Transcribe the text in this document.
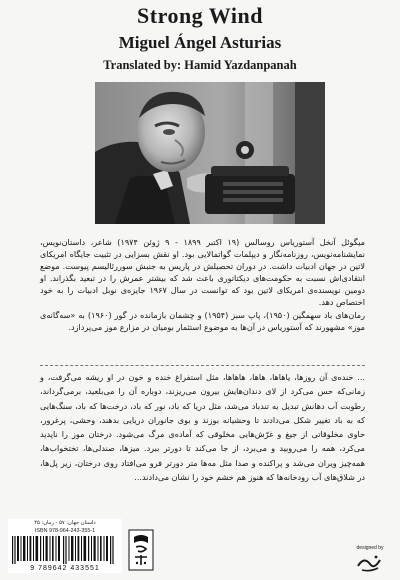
Strong Wind
Miguel Ángel Asturias
Translated by: Hamid Yazdanpanah

میگوئل آنخل آستوریاس روسالس (۱۹ اکتبر ۱۸۹۹ - ۹ ژوئن ۱۹۷۴) شاعر، داستان‌نویس، نمایشنامه‌نویس، روزنامه‌نگار و دیپلمات گواتمالایی بود. او نقش بسزایی در تثبیت جایگاه امریکای لاتین در جهان ادبیات داشت. در دوران تحصیلش در پاریس به جنبش سوررئالیسم پیوست. موضع انتقادی‌اش نسبت به حکومت‌های دیکتاتوری باعث شد که بیشتر عمرش را در تبعید بگذراند. او دومین نویسنده‌ی امریکای لاتین بود که توانست در سال ۱۹۶۷ جایزه‌ی نوبل ادبیات را به خود اختصاص دهد.

رمان‌های باد سهمگین (۱۹۵۰)، پاپ سبز (۱۹۵۴) و چشمان بازمانده در گور (۱۹۶۰) به «سه‌گانه‌ی موز» مشهورند که آستوریاس در آن‌ها به موضوع استثمار بومیان در مزارع موز می‌پردازد.

... خنده‌ی آن روزها، یاهاها، هاها، هاهاها، مثل استفراغ خنده و خون در او ریشه می‌گرفت، و زمانی‌که حس می‌کرد از لای دندان‌هایش بیرون می‌ریزند، دوباره آن را می‌بلعید، برمی‌گرداند، رطوبت آب دهانش تبدیل به تندباد می‌شد، مثل دریا که باد، نور که باد، درخت‌ها که باد، سنگ‌هایی که به باد تغییر شکل می‌دادند تا وحشیانه بوزند و بوی جانوران دریایی بدهند، وحشی، پرغرور، حاوی مخلوقاتی از جیغ و غرّش‌هایی مخلوقی که آماده‌ی مرگ می‌شود. درختان موز را ناپدید می‌کرد، همه را می‌روبید و می‌برد، از جا می‌کند تا دورتر ببرد. میزها، صندلی‌ها، تختخواب‌ها، همه‌چیز ویران می‌شد و پراکنده و صدا مثل مه‌ها متر دورتر فرو می‌افتاد روی درختان، زیر پل‌ها، در شلاق‌های آب رودخانه‌ها که هنوز هم خشم خود را نشان می‌دادند...
داستان جهان: ۵۷ - رمان: ۴۵
ISBN 978-964-243-355-1
9 789642 433551
designed by
